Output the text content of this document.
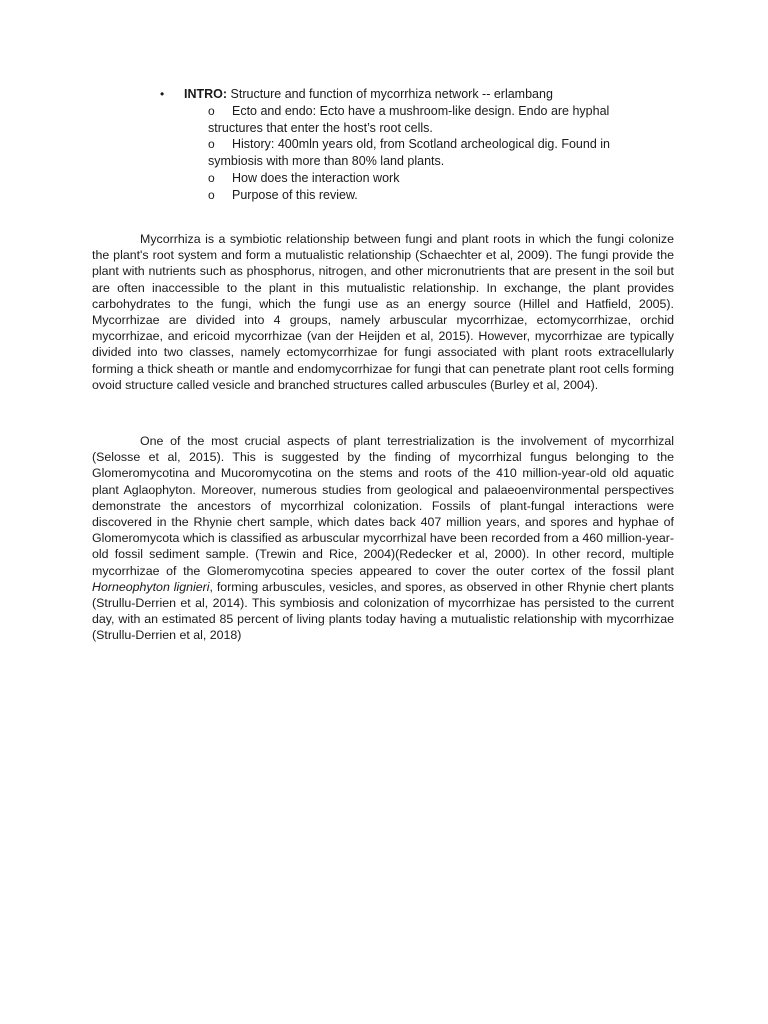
• INTRO: Structure and function of mycorrhiza network -- erlambang
o	Ecto and endo: Ecto have a mushroom-like design. Endo are hyphal structures that enter the host’s root cells.
o	History: 400mln years old, from Scotland archeological dig. Found in symbiosis with more than 80% land plants.
o	How does the interaction work
o	Purpose of this review.

Mycorrhiza is a symbiotic relationship between fungi and plant roots in which the fungi colonize the plant's root system and form a mutualistic relationship (Schaechter et al, 2009). The fungi provide the plant with nutrients such as phosphorus, nitrogen, and other micronutrients that are present in the soil but are often inaccessible to the plant in this mutualistic relationship. In exchange, the plant provides carbohydrates to the fungi, which the fungi use as an energy source (Hillel and Hatfield, 2005). Mycorrhizae are divided into 4 groups, namely arbuscular mycorrhizae, ectomycorrhizae, orchid mycorrhizae, and ericoid mycorrhizae (van der Heijden et al, 2015). However, mycorrhizae are typically divided into two classes, namely ectomycorrhizae for fungi associated with plant roots extracellularly forming a thick sheath or mantle and endomycorrhizae for fungi that can penetrate plant root cells forming ovoid structure called vesicle and branched structures called arbuscules (Burley et al, 2004).

One of the most crucial aspects of plant terrestrialization is the involvement of mycorrhizal (Selosse et al, 2015). This is suggested by the finding of mycorrhizal fungus belonging to the Glomeromycotina and Mucoromycotina on the stems and roots of the 410 million-year-old old aquatic plant Aglaophyton. Moreover, numerous studies from geological and palaeoenvironmental perspectives demonstrate the ancestors of mycorrhizal colonization. Fossils of plant-fungal interactions were discovered in the Rhynie chert sample, which dates back 407 million years, and spores and hyphae of Glomeromycota which is classified as arbuscular mycorrhizal have been recorded from a 460 million-year-old fossil sediment sample. (Trewin and Rice, 2004)(Redecker et al, 2000). In other record, multiple mycorrhizae of the Glomeromycotina species appeared to cover the outer cortex of the fossil plant Horneophyton lignieri, forming arbuscules, vesicles, and spores, as observed in other Rhynie chert plants (Strullu-Derrien et al, 2014). This symbiosis and colonization of mycorrhizae has persisted to the current day, with an estimated 85 percent of living plants today having a mutualistic relationship with mycorrhizae (Strullu-Derrien et al, 2018)
